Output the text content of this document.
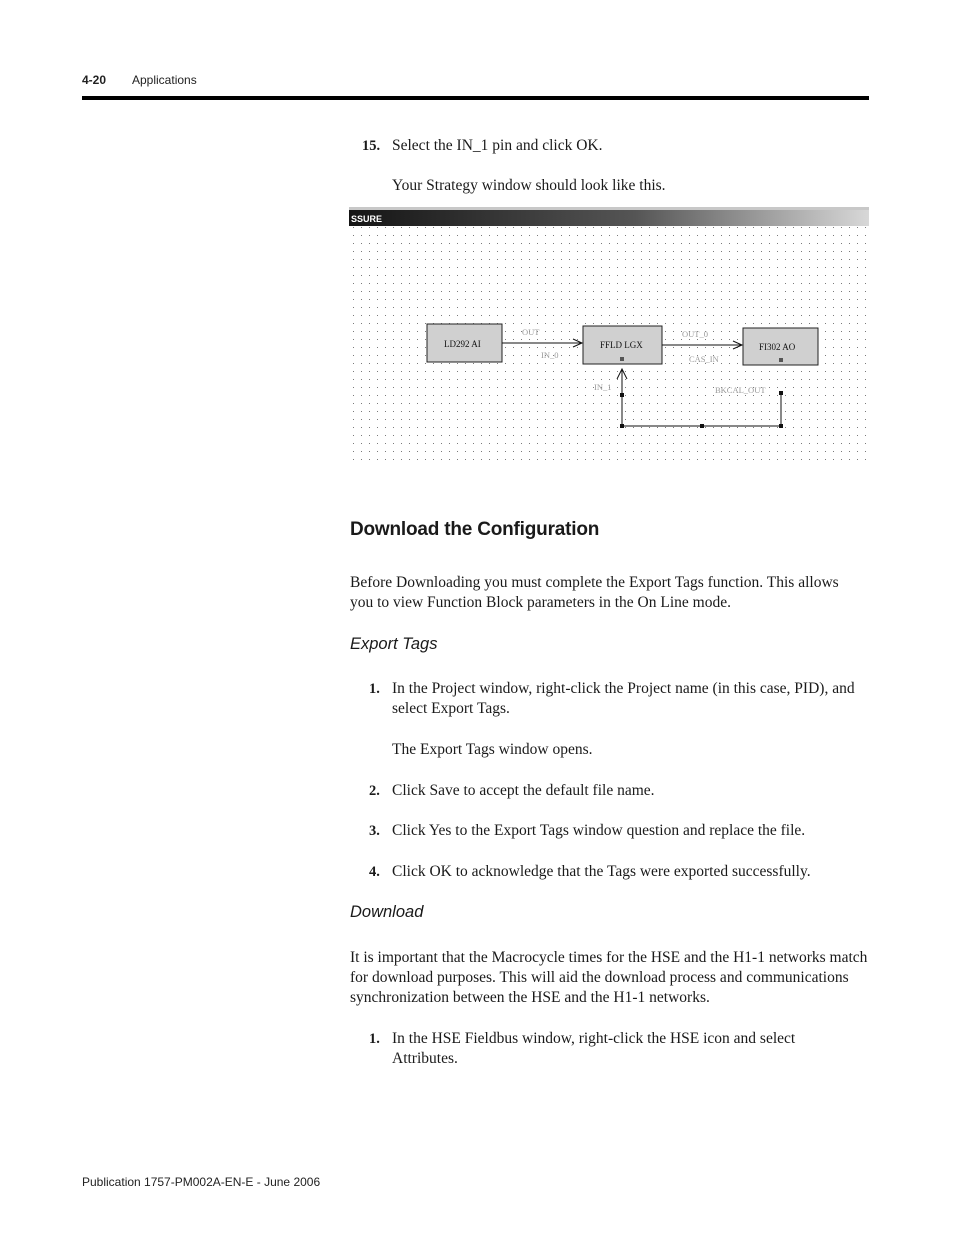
4-20 Applications
15. Select the IN_1 pin and click OK.
Your Strategy window should look like this.
SSURE
LD292 AI	FFLD LGX	FI302 AO
OUT
IN_0
OUT_0
CAS_IN
IN_1	BKCAL_OUT
Download the Configuration
Before Downloading you must complete the Export Tags function. This allows you to view Function Block parameters in the On Line mode.
Export Tags
1. In the Project window, right-click the Project name (in this case, PID), and select Export Tags.
The Export Tags window opens.
2. Click Save to accept the default file name.
3. Click Yes to the Export Tags window question and replace the file.
4. Click OK to acknowledge that the Tags were exported successfully.
Download
It is important that the Macrocycle times for the HSE and the H1-1 networks match for download purposes. This will aid the download process and communications synchronization between the HSE and the H1-1 networks.
1. In the HSE Fieldbus window, right-click the HSE icon and select Attributes.
Publication 1757-PM002A-EN-E - June 2006
